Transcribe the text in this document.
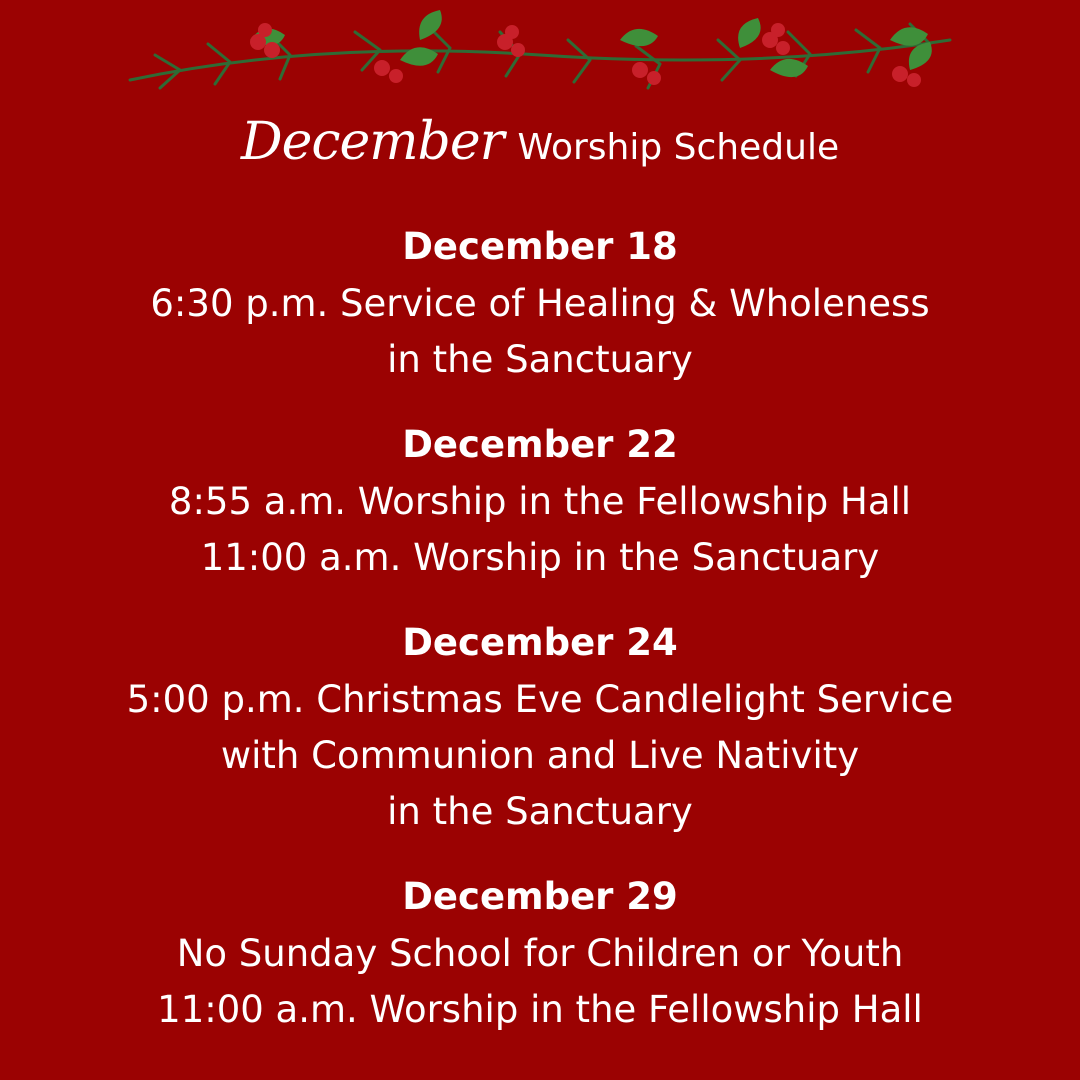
December Worship Schedule
December 18
6:30 p.m. Service of Healing & Wholeness
in the Sanctuary
December 22
8:55 a.m. Worship in the Fellowship Hall
11:00 a.m. Worship in the Sanctuary
December 24
5:00 p.m. Christmas Eve Candlelight Service
with Communion and Live Nativity
in the Sanctuary
December 29
No Sunday School for Children or Youth
11:00 a.m. Worship in the Fellowship Hall
